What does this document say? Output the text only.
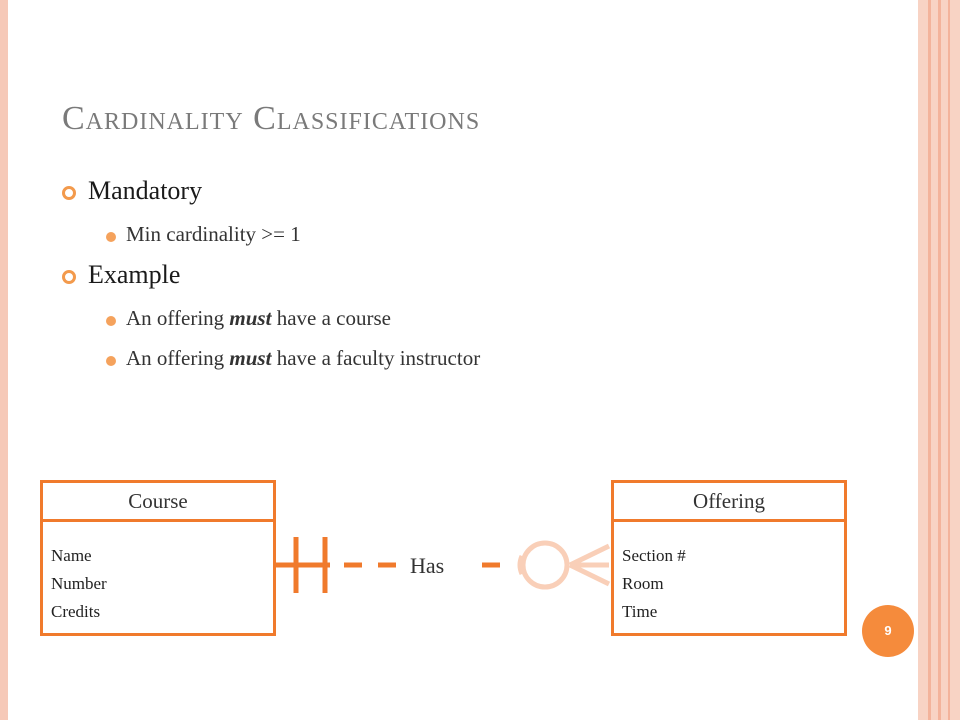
Cardinality Classifications
Mandatory
Min cardinality >= 1
Example
An offering must have a course
An offering must have a faculty instructor
Course
Name
Number
Credits
Offering
Section #
Room
Time
Has
9
